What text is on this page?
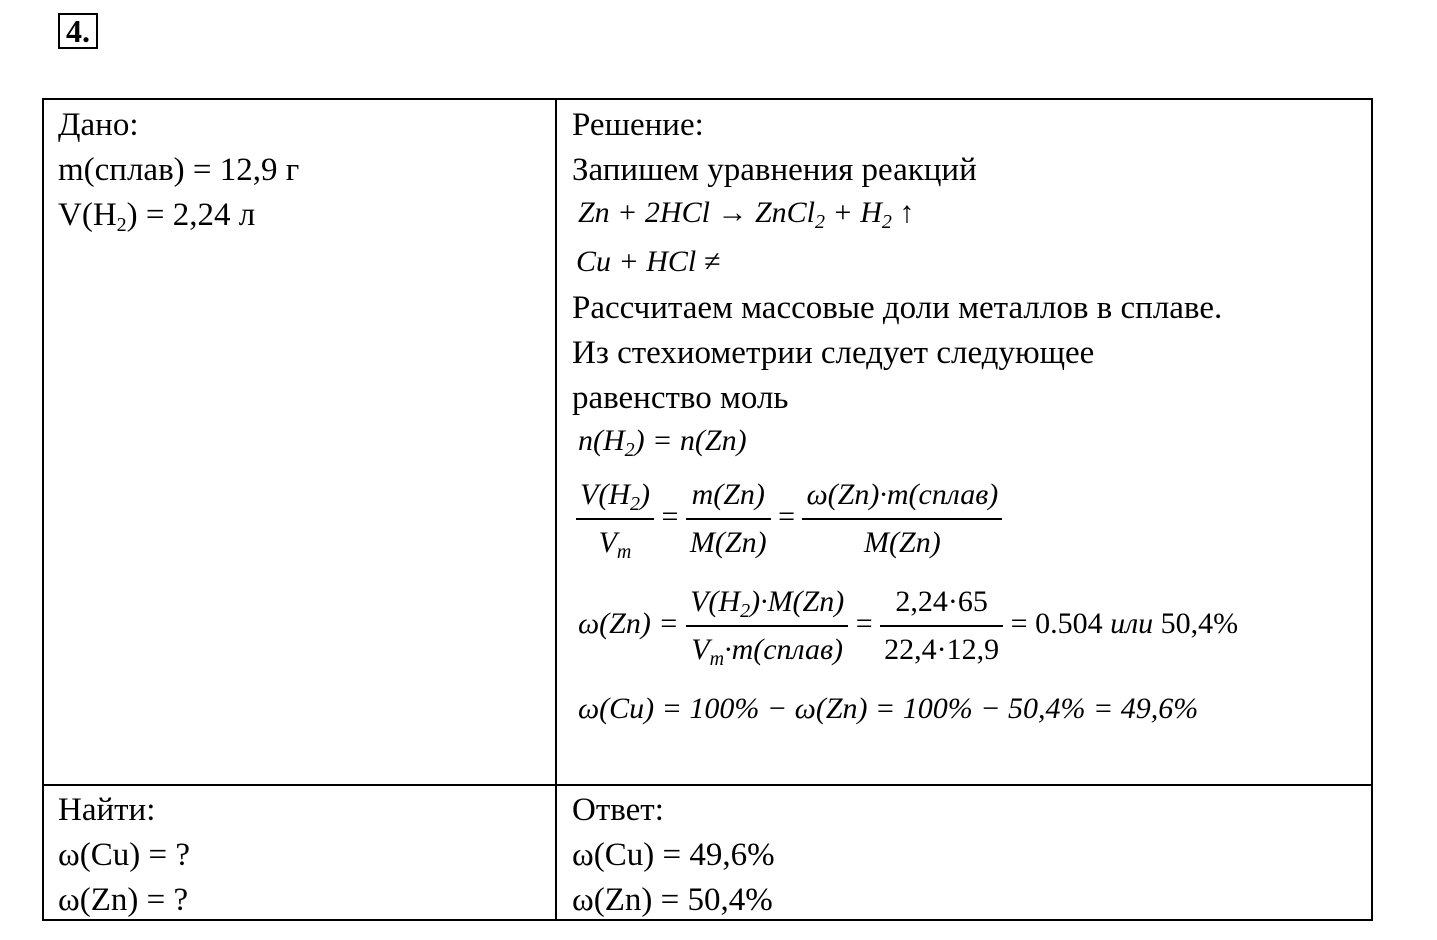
4.
Дано:
m(сплав) = 12,9 г
$V(H_2) = 2,24$ л
Найти:
ω(Cu) = ?
ω(Zn) = ?
Решение:
Запишем уравнения реакций
Zn + 2HCl → ZnCl$_2$ + $H_2$ ↑
Cu + HCl ≠
Рассчитаем массовые доли металлов в сплаве.
Из стехиометрии следует следующее
равенство моль
$n(H_2) = n(Zn)$
$\frac{V(H_2)}{V_m} = \frac{m(Zn)}{M(Zn)} = \frac{\text{ω(Zn)·m(сплав)}}{M(Zn)}$
$\omega(Zn) = \frac{V(H_2)\cdot M(Zn)}{V_m\cdot m(сплав)} = \frac{2,24\cdot 65}{22,4\cdot 12,9} = 0.504$ или 50,4%
ω(Cu) = 100% − ω(Zn) = 100% − 50,4% = 49,6%
Ответ:
ω(Cu) = 49,6%
ω(Zn) = 50,4%
